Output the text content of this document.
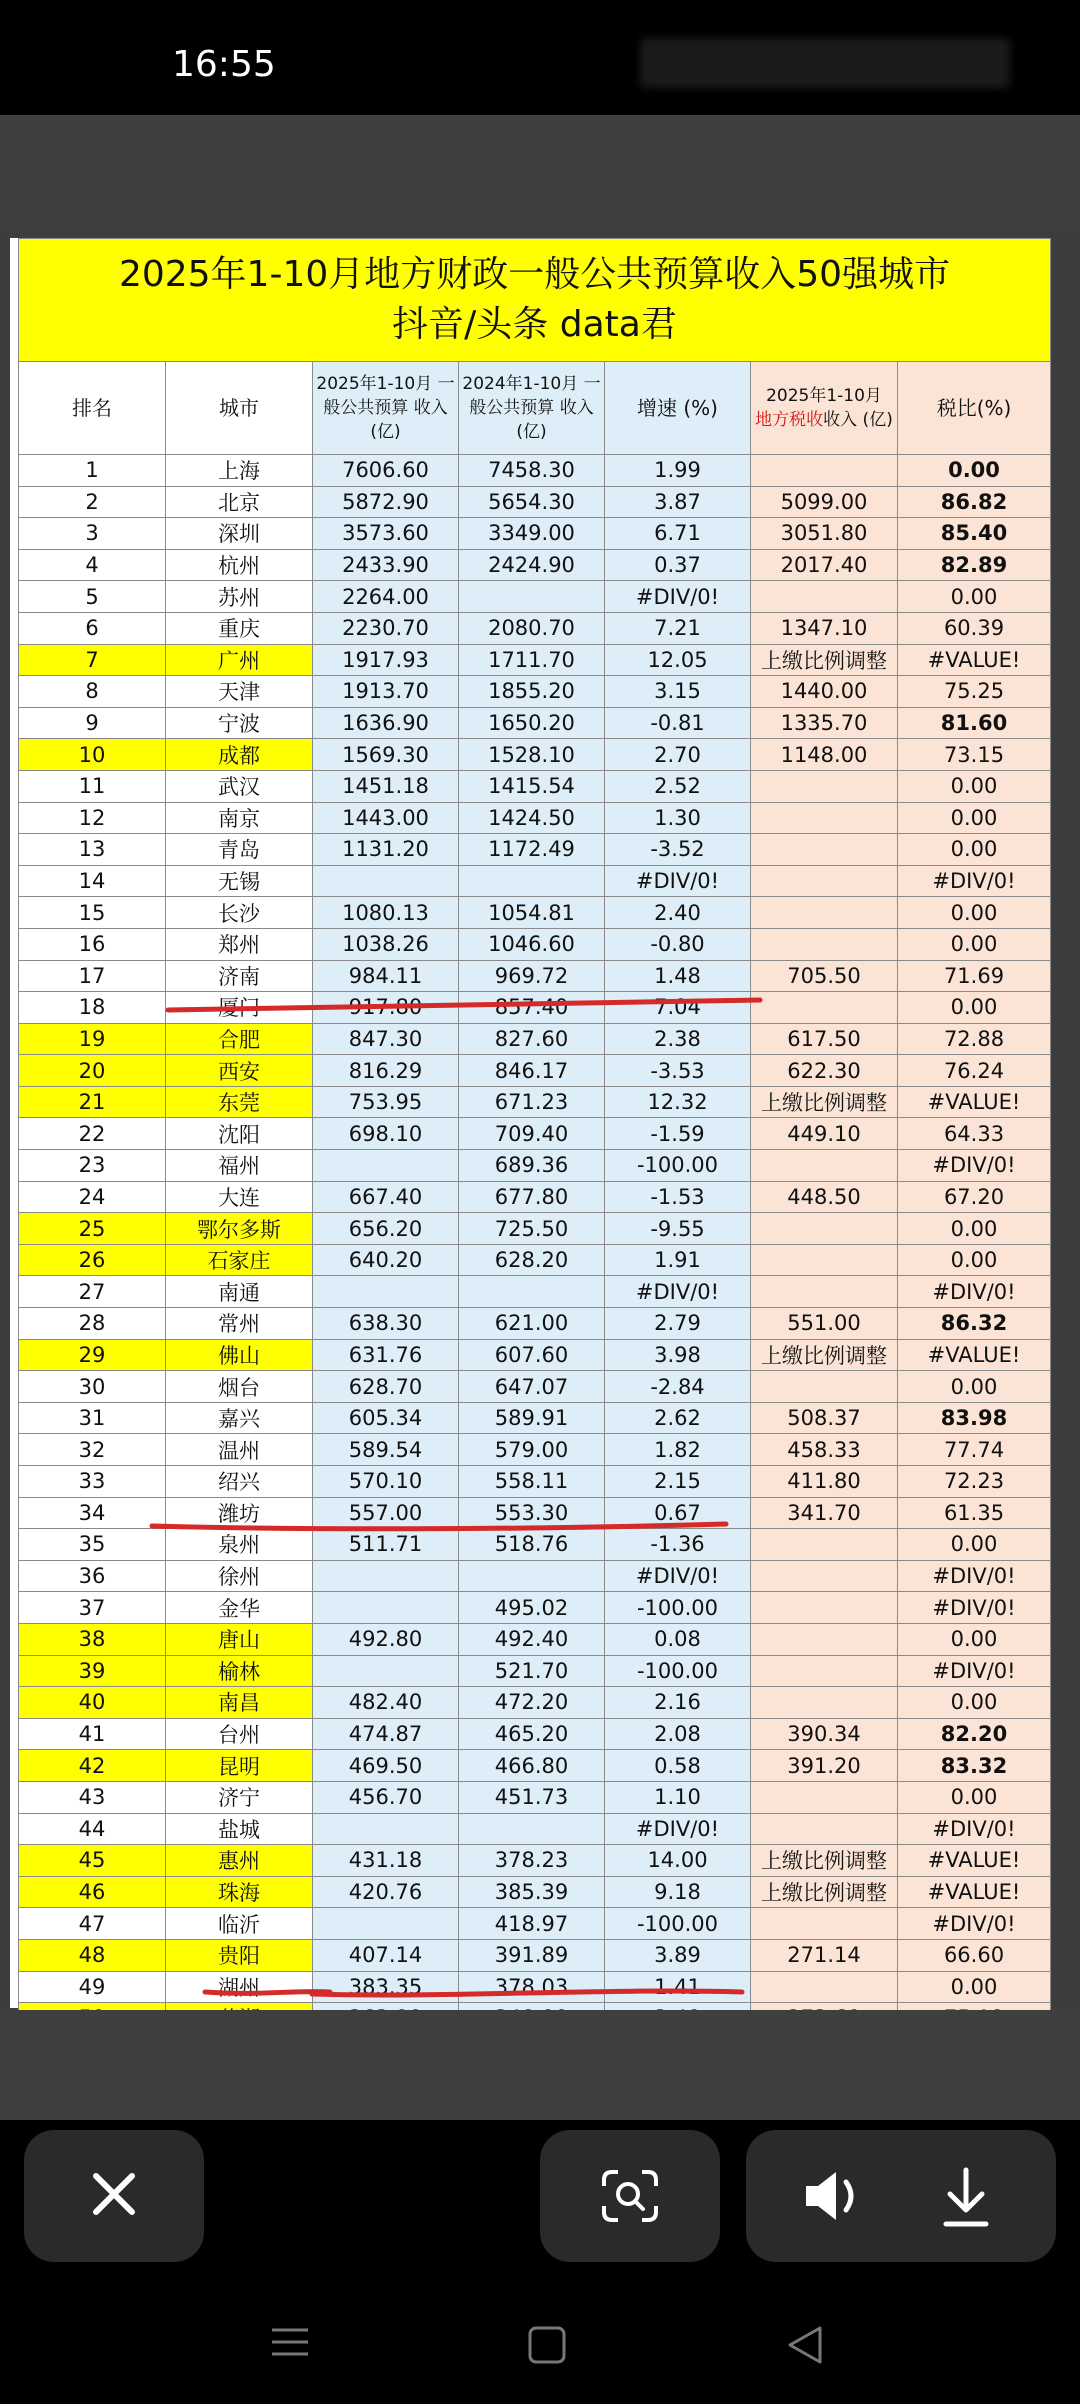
16:55
2025年1-10月地方财政一般公共预算收入50强城市
抖音/头条 data君						

排名	城市	2025年1-10月 一般公共预算 收入(亿)	2024年1-10月 一般公共预算 收入(亿)	增速 (%)	2025年1-10月
地方税收收入 (亿)	税比(%)
1	上海	7606.60	7458.30	1.99		0.00
2	北京	5872.90	5654.30	3.87	5099.00	86.82
3	深圳	3573.60	3349.00	6.71	3051.80	85.40
4	杭州	2433.90	2424.90	0.37	2017.40	82.89
5	苏州	2264.00		#DIV/0!		0.00
6	重庆	2230.70	2080.70	7.21	1347.10	60.39
7	广州	1917.93	1711.70	12.05	上缴比例调整	#VALUE!
8	天津	1913.70	1855.20	3.15	1440.00	75.25
9	宁波	1636.90	1650.20	-0.81	1335.70	81.60
10	成都	1569.30	1528.10	2.70	1148.00	73.15
11	武汉	1451.18	1415.54	2.52		0.00
12	南京	1443.00	1424.50	1.30		0.00
13	青岛	1131.20	1172.49	-3.52		0.00
14	无锡			#DIV/0!		#DIV/0!
15	长沙	1080.13	1054.81	2.40		0.00
16	郑州	1038.26	1046.60	-0.80		0.00
17	济南	984.11	969.72	1.48	705.50	71.69
18	厦门	917.80	857.40	7.04		0.00
19	合肥	847.30	827.60	2.38	617.50	72.88
20	西安	816.29	846.17	-3.53	622.30	76.24
21	东莞	753.95	671.23	12.32	上缴比例调整	#VALUE!
22	沈阳	698.10	709.40	-1.59	449.10	64.33
23	福州		689.36	-100.00		#DIV/0!
24	大连	667.40	677.80	-1.53	448.50	67.20
25	鄂尔多斯	656.20	725.50	-9.55		0.00
26	石家庄	640.20	628.20	1.91		0.00
27	南通			#DIV/0!		#DIV/0!
28	常州	638.30	621.00	2.79	551.00	86.32
29	佛山	631.76	607.60	3.98	上缴比例调整	#VALUE!
30	烟台	628.70	647.07	-2.84		0.00
31	嘉兴	605.34	589.91	2.62	508.37	83.98
32	温州	589.54	579.00	1.82	458.33	77.74
33	绍兴	570.10	558.11	2.15	411.80	72.23
34	潍坊	557.00	553.30	0.67	341.70	61.35
35	泉州	511.71	518.76	-1.36		0.00
36	徐州			#DIV/0!		#DIV/0!
37	金华		495.02	-100.00		#DIV/0!
38	唐山	492.80	492.40	0.08		0.00
39	榆林		521.70	-100.00		#DIV/0!
40	南昌	482.40	472.20	2.16		0.00
41	台州	474.87	465.20	2.08	390.34	82.20
42	昆明	469.50	466.80	0.58	391.20	83.32
43	济宁	456.70	451.73	1.10		0.00
44	盐城			#DIV/0!		#DIV/0!
45	惠州	431.18	378.23	14.00	上缴比例调整	#VALUE!
46	珠海	420.76	385.39	9.18	上缴比例调整	#VALUE!
47	临沂		418.97	-100.00		#DIV/0!
48	贵阳	407.14	391.89	3.89	271.14	66.60
49	湖州	383.35	378.03	1.41		0.00
